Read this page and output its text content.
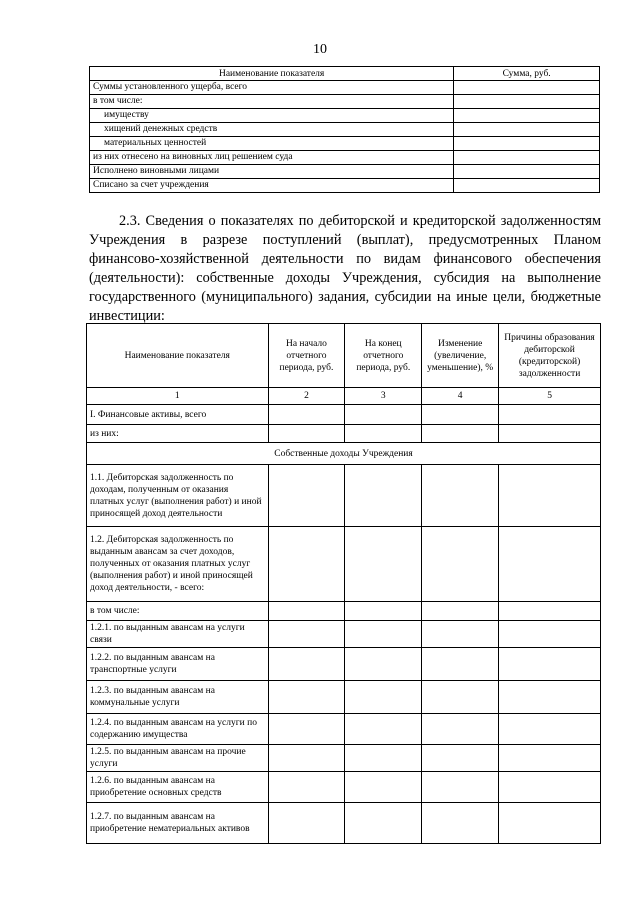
10
Наименование показателя	Сумма, руб.
Суммы установленного ущерба, всего	
в том числе:	
имуществу	
хищений денежных средств	
материальных ценностей	
из них отнесено на виновных лиц решением суда	
Исполнено виновными лицами	
Списано за счет учреждения	

2.3. Сведения о показателях по дебиторской и кредиторской задолженностям Учреждения в разрезе поступлений (выплат), предусмотренных Планом финансово-хозяйственной деятельности по видам финансового обеспечения (деятельности): собственные доходы Учреждения, субсидия на выполнение государственного (муниципального) задания, субсидии на иные цели, бюджетные инвестиции:

Наименование показателя	На начало отчетного периода, руб.	На конец отчетного периода, руб.	Изменение (увеличение, уменьшение), %	Причины образования дебиторской (кредиторской) задолженности
1	2	3	4	5
I. Финансовые активы, всего				
из них:				
Собственные доходы Учреждения				
1.1. Дебиторская задолженность по доходам, полученным от оказания платных услуг (выполнения работ) и иной приносящей доход деятельности				
1.2. Дебиторская задолженность по выданным авансам за счет доходов, полученных от оказания платных услуг (выполнения работ) и иной приносящей доход деятельности, - всего:				
в том числе:				
1.2.1. по выданным авансам на услуги связи				
1.2.2. по выданным авансам на транспортные услуги				
1.2.3. по выданным авансам на коммунальные услуги				
1.2.4. по выданным авансам на услуги по содержанию имущества				
1.2.5. по выданным авансам на прочие услуги				
1.2.6. по выданным авансам на приобретение основных средств				
1.2.7. по выданным авансам на приобретение нематериальных активов				
